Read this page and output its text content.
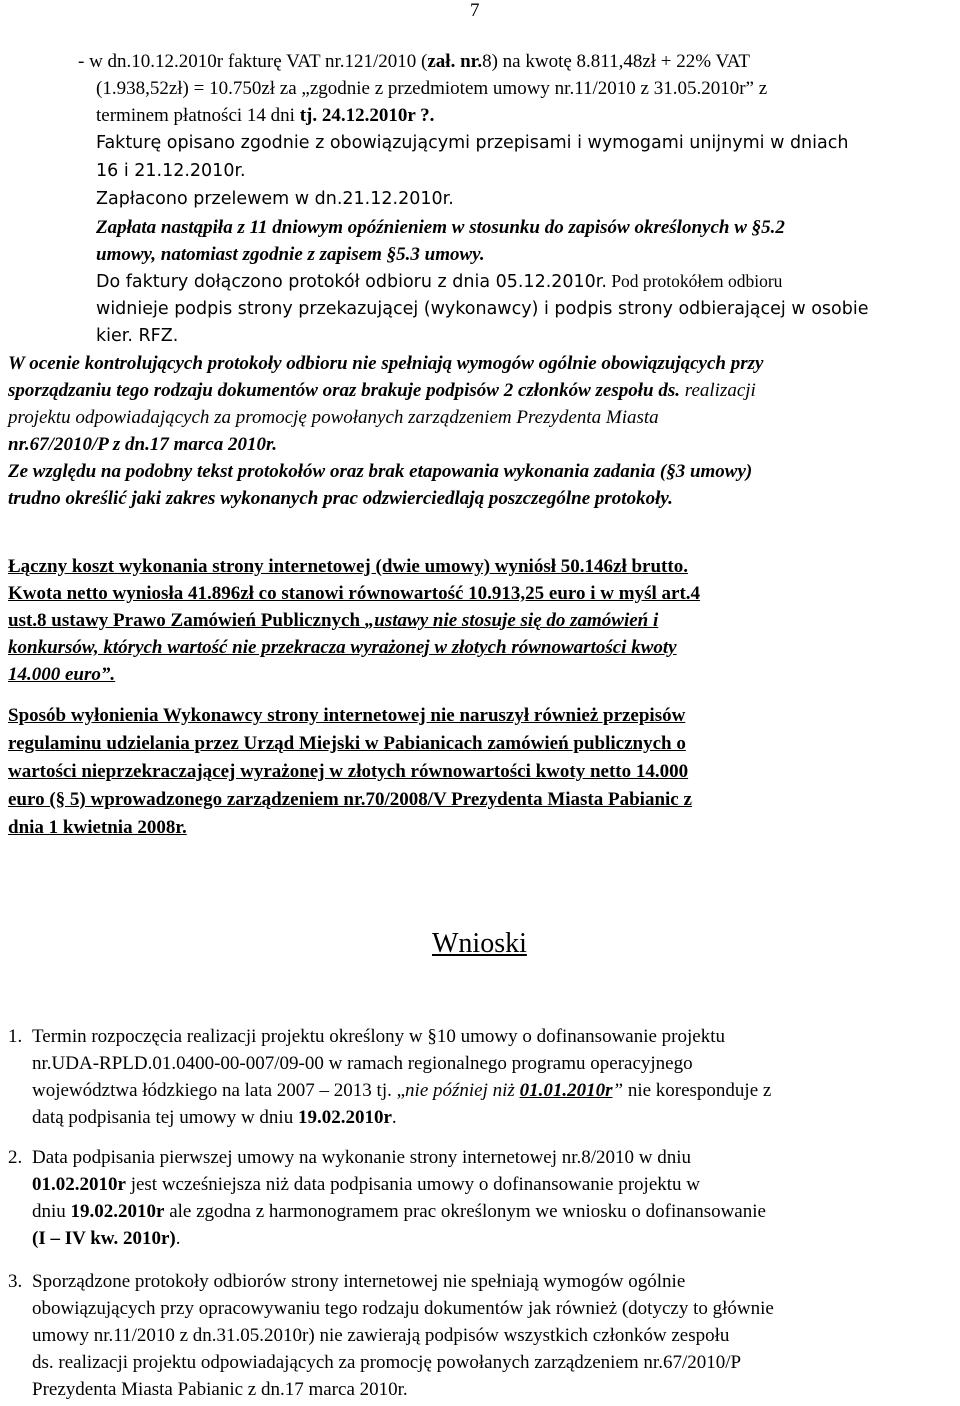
7

- w dn.10.12.2010r fakturę VAT nr.121/2010 (zał. nr.8) na kwotę 8.811,48zł + 22% VAT

(1.938,52zł) = 10.750zł za „zgodnie z przedmiotem umowy nr.11/2010 z 31.05.2010r” z

terminem płatności 14 dni tj. 24.12.2010r ?.

Fakturę opisano zgodnie z obowiązującymi przepisami i wymogami unijnymi w dniach

16 i 21.12.2010r.

Zapłacono przelewem w dn.21.12.2010r.

Zapłata nastąpiła z 11 dniowym opóźnieniem w stosunku do zapisów określonych w §5.2

umowy, natomiast zgodnie z zapisem §5.3 umowy.

Do faktury dołączono protokół odbioru z dnia 05.12.2010r. Pod protokółem odbioru

widnieje podpis strony przekazującej (wykonawcy) i podpis strony odbierającej w osobie

kier. RFZ.

W ocenie kontrolujących protokoły odbioru nie spełniają wymogów ogólnie obowiązujących przy

sporządzaniu tego rodzaju dokumentów oraz brakuje podpisów 2 członków zespołu ds. realizacji

projektu odpowiadających za promocję powołanych zarządzeniem Prezydenta Miasta

nr.67/2010/P z dn.17 marca 2010r.

Ze względu na podobny tekst protokołów oraz brak etapowania wykonania zadania (§3 umowy)

trudno określić jaki zakres wykonanych prac odzwierciedlają poszczególne protokoły.

Łączny koszt wykonania strony internetowej (dwie umowy) wyniósł 50.146zł brutto.

Kwota netto wyniosła 41.896zł co stanowi równowartość 10.913,25 euro i w myśl art.4

ust.8 ustawy Prawo Zamówień Publicznych „ustawy nie stosuje się do zamówień i

konkursów, których wartość nie przekracza wyrażonej w złotych równowartości kwoty

14.000 euro”.

Sposób wyłonienia Wykonawcy strony internetowej nie naruszył również przepisów

regulaminu udzielania przez Urząd Miejski w Pabianicach zamówień publicznych o

wartości nieprzekraczającej wyrażonej w złotych równowartości kwoty netto 14.000

euro (§ 5) wprowadzonego zarządzeniem nr.70/2008/V Prezydenta Miasta Pabianic z

dnia 1 kwietnia 2008r.

Wnioski
1. Termin rozpoczęcia realizacji projektu określony w §10 umowy o dofinansowanie projektu
nr.UDA-RPLD.01.0400-00-007/09-00 w ramach regionalnego programu operacyjnego
województwa łódzkiego na lata 2007 – 2013 tj. „nie później niż 01.01.2010r” nie koresponduje z
datą podpisania tej umowy w dniu 19.02.2010r.
2. Data podpisania pierwszej umowy na wykonanie strony internetowej nr.8/2010 w dniu
01.02.2010r jest wcześniejsza niż data podpisania umowy o dofinansowanie projektu w
dniu 19.02.2010r ale zgodna z harmonogramem prac określonym we wniosku o dofinansowanie
(I – IV kw. 2010r).
3. Sporządzone protokoły odbiorów strony internetowej nie spełniają wymogów ogólnie
obowiązujących przy opracowywaniu tego rodzaju dokumentów jak również (dotyczy to głównie
umowy nr.11/2010 z dn.31.05.2010r) nie zawierają podpisów wszystkich członków zespołu
ds. realizacji projektu odpowiadających za promocję powołanych zarządzeniem nr.67/2010/P
Prezydenta Miasta Pabianic z dn.17 marca 2010r.
